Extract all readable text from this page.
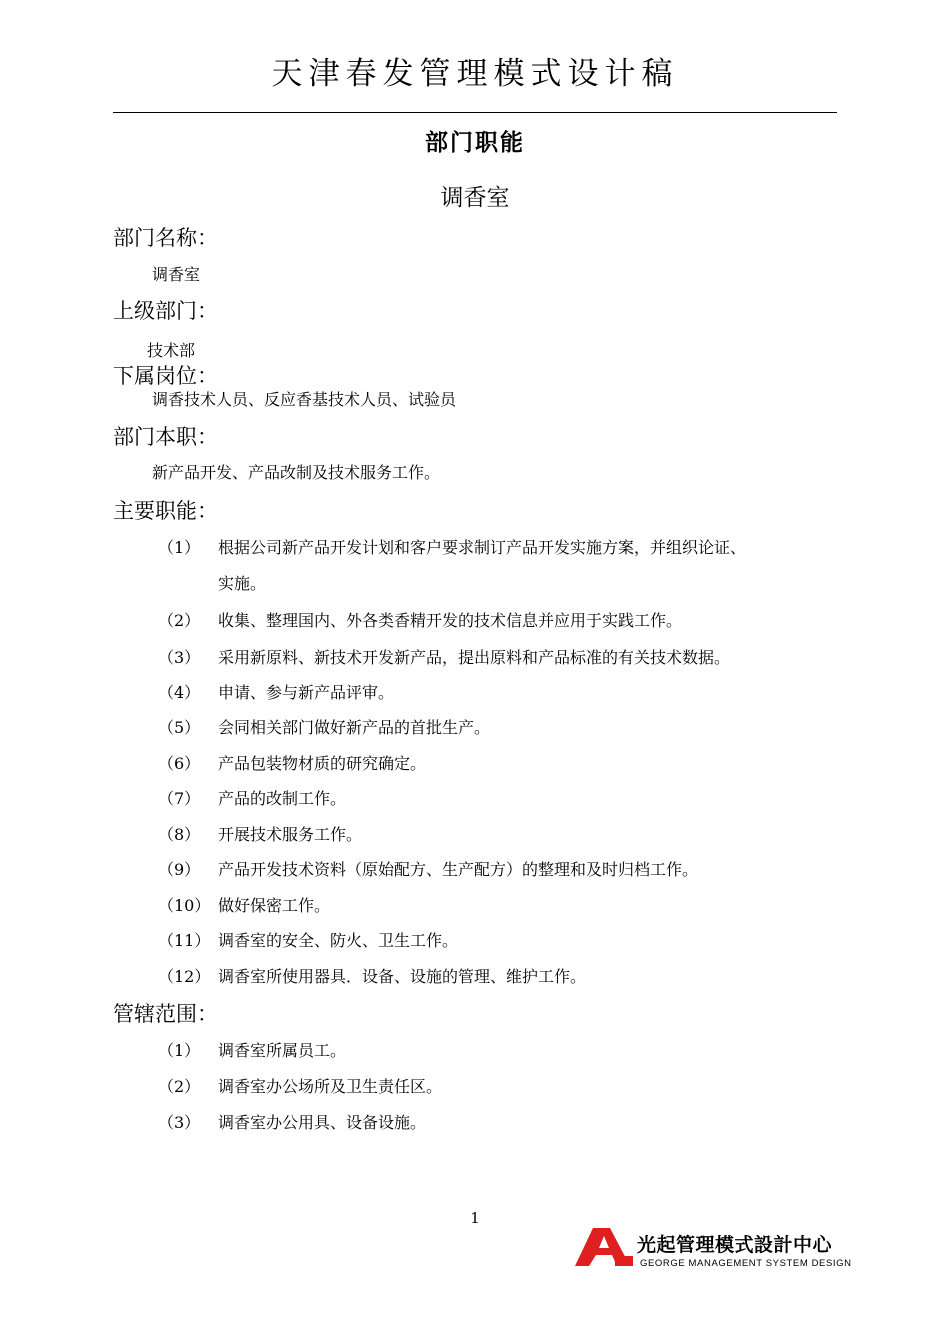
天津春发管理模式设计稿
部门职能
调香室
部门名称：
调香室
上级部门：
技术部
下属岗位：
调香技术人员、反应香基技术人员、试验员
部门本职：
新产品开发、产品改制及技术服务工作。
主要职能：
（1）	根据公司新产品开发计划和客户要求制订产品开发实施方案，并组织论证、
实施。
（2）	收集、整理国内、外各类香精开发的技术信息并应用于实践工作。
（3）	采用新原料、新技术开发新产品，提出原料和产品标准的有关技术数据。
（4）	申请、参与新产品评审。
（5）	会同相关部门做好新产品的首批生产。
（6）	产品包装物材质的研究确定。
（7）	产品的改制工作。
（8）	开展技术服务工作。
（9）	产品开发技术资料（原始配方、生产配方）的整理和及时归档工作。
（10） 做好保密工作。
（11） 调香室的安全、防火、卫生工作。
（12） 调香室所使用器具．设备、设施的管理、维护工作。
管辖范围：
（1）	调香室所属员工。
（2）	调香室办公场所及卫生责任区。
（3）	调香室办公用具、设备设施。
1
光起管理模式設計中心
GEORGE MANAGEMENT SYSTEM DESIGN
